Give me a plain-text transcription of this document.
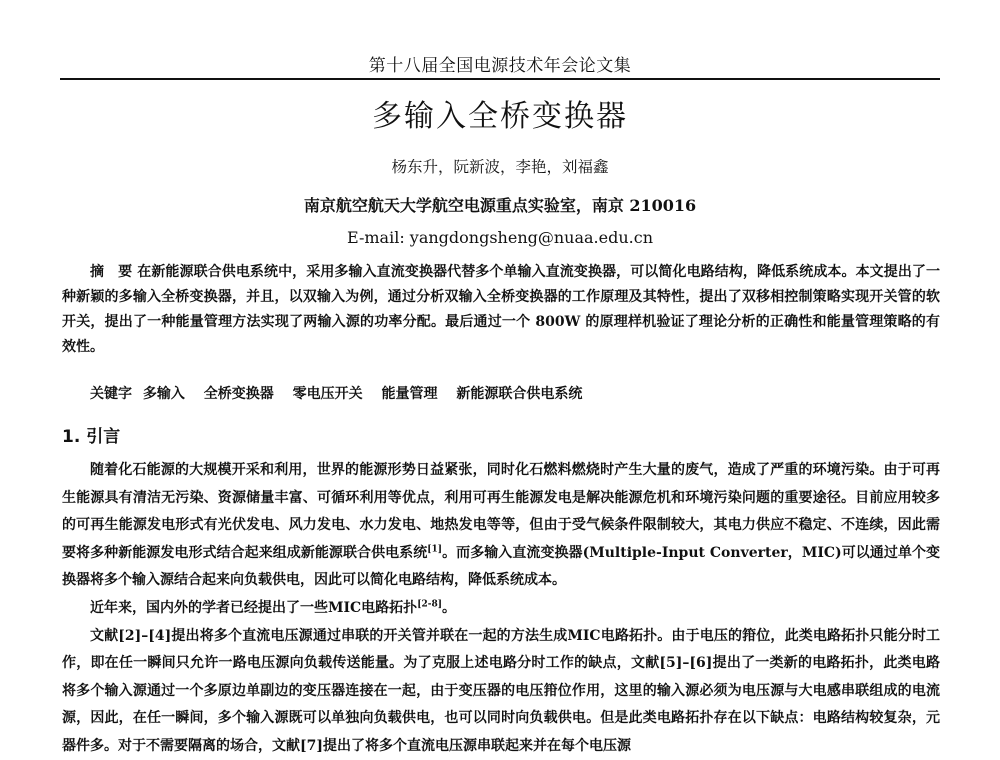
第十八届全国电源技术年会论文集
多输入全桥变换器
杨东升，阮新波，李艳，刘福鑫
南京航空航天大学航空电源重点实验室，南京 210016
E-mail: yangdongsheng@nuaa.edu.cn
摘　要 在新能源联合供电系统中，采用多输入直流变换器代替多个单输入直流变换器，可以简化电路结构，降低系统成本。本文提出了一种新颖的多输入全桥变换器，并且，以双输入为例，通过分析双输入全桥变换器的工作原理及其特性，提出了双移相控制策略实现开关管的软开关，提出了一种能量管理方法实现了两输入源的功率分配。最后通过一个 800W 的原理样机验证了理论分析的正确性和能量管理策略的有效性。
关键字 多输入 全桥变换器 零电压开关 能量管理 新能源联合供电系统
1. 引言

随着化石能源的大规模开采和利用，世界的能源形势日益紧张，同时化石燃料燃烧时产生大量的废气，造成了严重的环境污染。由于可再生能源具有清洁无污染、资源储量丰富、可循环利用等优点，利用可再生能源发电是解决能源危机和环境污染问题的重要途径。目前应用较多的可再生能源发电形式有光伏发电、风力发电、水力发电、地热发电等等，但由于受气候条件限制较大，其电力供应不稳定、不连续，因此需要将多种新能源发电形式结合起来组成新能源联合供电系统[1]。而多输入直流变换器(Multiple-Input Converter，MIC)可以通过单个变换器将多个输入源结合起来向负载供电，因此可以简化电路结构，降低系统成本。

近年来，国内外的学者已经提出了一些MIC电路拓扑[2-8]。

文献[2]–[4]提出将多个直流电压源通过串联的开关管并联在一起的方法生成MIC电路拓扑。由于电压的箝位，此类电路拓扑只能分时工作，即在任一瞬间只允许一路电压源向负载传送能量。为了克服上述电路分时工作的缺点，文献[5]–[6]提出了一类新的电路拓扑，此类电路将多个输入源通过一个多原边单副边的变压器连接在一起，由于变压器的电压箝位作用，这里的输入源必须为电压源与大电感串联组成的电流源，因此，在任一瞬间，多个输入源既可以单独向负载供电，也可以同时向负载供电。但是此类电路拓扑存在以下缺点：电路结构较复杂，元器件多。对于不需要隔离的场合，文献[7]提出了将多个直流电压源串联起来并在每个电压源
